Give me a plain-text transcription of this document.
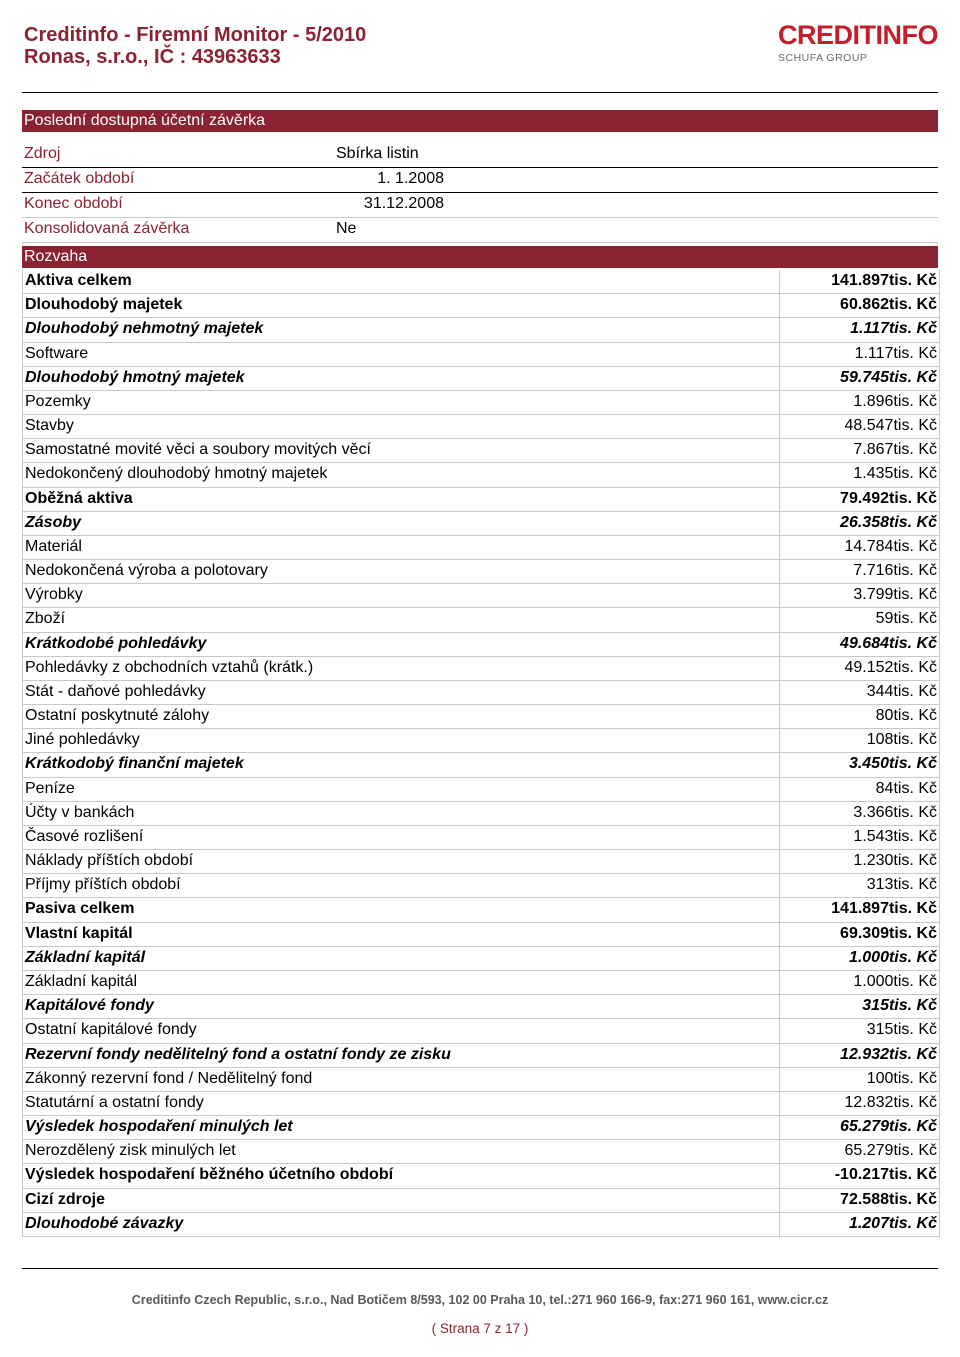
Creditinfo - Firemní Monitor - 5/2010
Ronas, s.r.o., IČ : 43963633
CREDITINFO
SCHUFA GROUP
Poslední dostupná účetní závěrka
Zdroj	Sbírka listin
Začátek období	1. 1.2008
Konec období	31.12.2008
Konsolidovaná závěrka	Ne
Rozvaha
Aktiva celkem	141.897tis. Kč
Dlouhodobý majetek	60.862tis. Kč
Dlouhodobý nehmotný majetek	1.117tis. Kč
Software	1.117tis. Kč
Dlouhodobý hmotný majetek	59.745tis. Kč
Pozemky	1.896tis. Kč
Stavby	48.547tis. Kč
Samostatné movité věci a soubory movitých věcí	7.867tis. Kč
Nedokončený dlouhodobý hmotný majetek	1.435tis. Kč
Oběžná aktiva	79.492tis. Kč
Zásoby	26.358tis. Kč
Materiál	14.784tis. Kč
Nedokončená výroba a polotovary	7.716tis. Kč
Výrobky	3.799tis. Kč
Zboží	59tis. Kč
Krátkodobé pohledávky	49.684tis. Kč
Pohledávky z obchodních vztahů (krátk.)	49.152tis. Kč
Stát - daňové pohledávky	344tis. Kč
Ostatní poskytnuté zálohy	80tis. Kč
Jiné pohledávky	108tis. Kč
Krátkodobý finanční majetek	3.450tis. Kč
Peníze	84tis. Kč
Účty v bankách	3.366tis. Kč
Časové rozlišení	1.543tis. Kč
Náklady příštích období	1.230tis. Kč
Příjmy příštích období	313tis. Kč
Pasiva celkem	141.897tis. Kč
Vlastní kapitál	69.309tis. Kč
Základní kapitál	1.000tis. Kč
Základní kapitál	1.000tis. Kč
Kapitálové fondy	315tis. Kč
Ostatní kapitálové fondy	315tis. Kč
Rezervní fondy nedělitelný fond a ostatní fondy ze zisku	12.932tis. Kč
Zákonný rezervní fond / Nedělitelný fond	100tis. Kč
Statutární a ostatní fondy	12.832tis. Kč
Výsledek hospodaření minulých let	65.279tis. Kč
Nerozdělený zisk minulých let	65.279tis. Kč
Výsledek hospodaření běžného účetního období	-10.217tis. Kč
Cizí zdroje	72.588tis. Kč
Dlouhodobé závazky	1.207tis. Kč
Creditinfo Czech Republic, s.r.o., Nad Botičem 8/593, 102 00 Praha 10, tel.:271 960 166-9, fax:271 960 161, www.cicr.cz
( Strana 7 z 17 )
